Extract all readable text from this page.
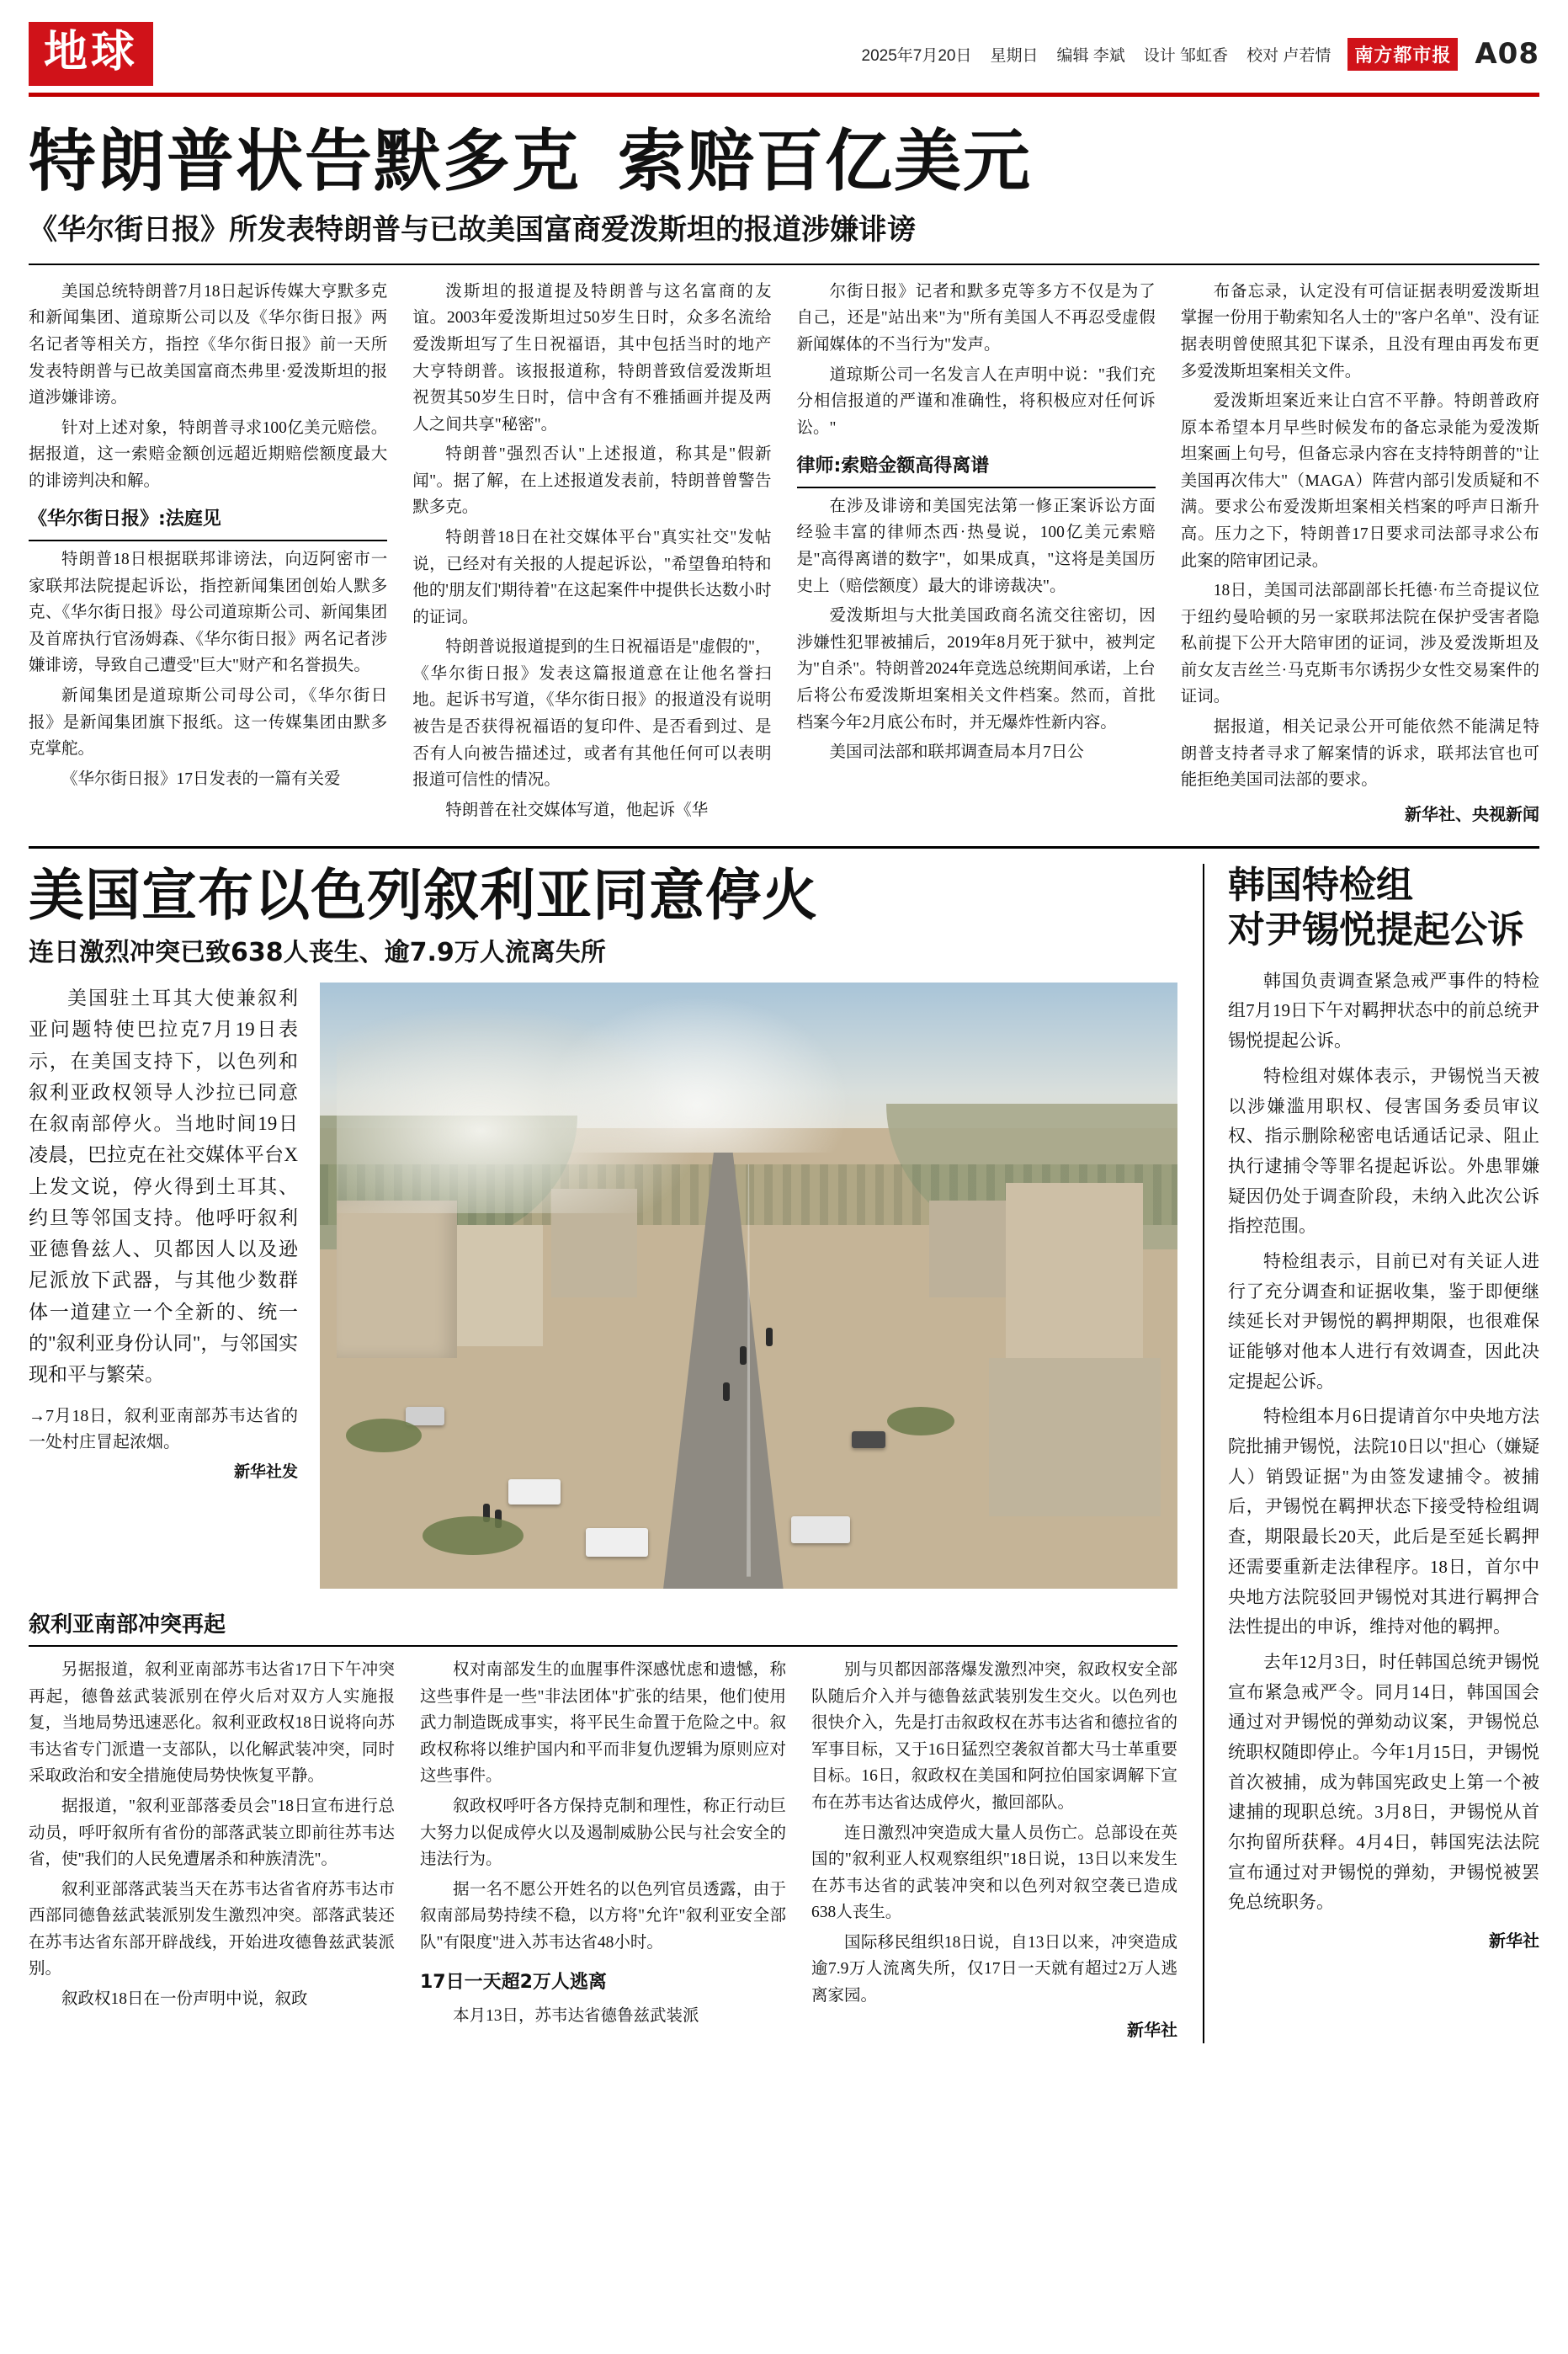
地球	2025年7月20日 星期日 编辑 李斌 设计 邹虹香 校对 卢若情	南方都市报 A08
特朗普状告默多克 索赔百亿美元
《华尔街日报》所发表特朗普与已故美国富商爱泼斯坦的报道涉嫌诽谤

美国总统特朗普7月18日起诉传媒大亨默多克和新闻集团、道琼斯公司以及《华尔街日报》两名记者等相关方，指控《华尔街日报》前一天所发表特朗普与已故美国富商杰弗里·爱泼斯坦的报道涉嫌诽谤。

针对上述对象，特朗普寻求100亿美元赔偿。据报道，这一索赔金额创远超近期赔偿额度最大的诽谤判决和解。

《华尔街日报》:法庭见

特朗普18日根据联邦诽谤法，向迈阿密市一家联邦法院提起诉讼，指控新闻集团创始人默多克、《华尔街日报》母公司道琼斯公司、新闻集团及首席执行官汤姆森、《华尔街日报》两名记者涉嫌诽谤，导致自己遭受"巨大"财产和名誉损失。

新闻集团是道琼斯公司母公司，《华尔街日报》是新闻集团旗下报纸。这一传媒集团由默多克掌舵。

《华尔街日报》17日发表的一篇有关爱

泼斯坦的报道提及特朗普与这名富商的友谊。2003年爱泼斯坦过50岁生日时，众多名流给爱泼斯坦写了生日祝福语，其中包括当时的地产大亨特朗普。该报报道称，特朗普致信爱泼斯坦祝贺其50岁生日时，信中含有不雅插画并提及两人之间共享"秘密"。

特朗普"强烈否认"上述报道，称其是"假新闻"。据了解，在上述报道发表前，特朗普曾警告默多克。

特朗普18日在社交媒体平台"真实社交"发帖说，已经对有关报的人提起诉讼，"希望鲁珀特和他的'朋友们'期待着"在这起案件中提供长达数小时的证词。

特朗普说报道提到的生日祝福语是"虚假的"，《华尔街日报》发表这篇报道意在让他名誉扫地。起诉书写道，《华尔街日报》的报道没有说明被告是否获得祝福语的复印件、是否看到过、是否有人向被告描述过，或者有其他任何可以表明报道可信性的情况。

特朗普在社交媒体写道，他起诉《华

尔街日报》记者和默多克等多方不仅是为了自己，还是"站出来"为"所有美国人不再忍受虚假新闻媒体的不当行为"发声。

道琼斯公司一名发言人在声明中说："我们充分相信报道的严谨和准确性，将积极应对任何诉讼。"

律师:索赔金额高得离谱

在涉及诽谤和美国宪法第一修正案诉讼方面经验丰富的律师杰西·热曼说，100亿美元索赔是"高得离谱的数字"，如果成真，"这将是美国历史上（赔偿额度）最大的诽谤裁决"。

爱泼斯坦与大批美国政商名流交往密切，因涉嫌性犯罪被捕后，2019年8月死于狱中，被判定为"自杀"。特朗普2024年竞选总统期间承诺，上台后将公布爱泼斯坦案相关文件档案。然而，首批档案今年2月底公布时，并无爆炸性新内容。

美国司法部和联邦调查局本月7日公

布备忘录，认定没有可信证据表明爱泼斯坦掌握一份用于勒索知名人士的"客户名单"、没有证据表明曾使照其犯下谋杀，且没有理由再发布更多爱泼斯坦案相关文件。

爱泼斯坦案近来让白宫不平静。特朗普政府原本希望本月早些时候发布的备忘录能为爱泼斯坦案画上句号，但备忘录内容在支持特朗普的"让美国再次伟大"（MAGA）阵营内部引发质疑和不满。要求公布爱泼斯坦案相关档案的呼声日渐升高。压力之下，特朗普17日要求司法部寻求公布此案的陪审团记录。

18日，美国司法部副部长托德·布兰奇提议位于纽约曼哈顿的另一家联邦法院在保护受害者隐私前提下公开大陪审团的证词，涉及爱泼斯坦及前女友吉丝兰·马克斯韦尔诱拐少女性交易案件的证词。

据报道，相关记录公开可能依然不能满足特朗普支持者寻求了解案情的诉求，联邦法官也可能拒绝美国司法部的要求。

新华社、央视新闻
美国宣布以色列叙利亚同意停火
连日激烈冲突已致638人丧生、逾7.9万人流离失所

美国驻土耳其大使兼叙利亚问题特使巴拉克7月19日表示，在美国支持下，以色列和叙利亚政权领导人沙拉已同意在叙南部停火。当地时间19日凌晨，巴拉克在社交媒体平台X上发文说，停火得到土耳其、约旦等邻国支持。他呼吁叙利亚德鲁兹人、贝都因人以及逊尼派放下武器，与其他少数群体一道建立一个全新的、统一的"叙利亚身份认同"，与邻国实现和平与繁荣。

→7月18日，叙利亚南部苏韦达省的一处村庄冒起浓烟。
新华社发
叙利亚南部冲突再起

另据报道，叙利亚南部苏韦达省17日下午冲突再起，德鲁兹武装派别在停火后对双方人实施报复，当地局势迅速恶化。叙利亚政权18日说将向苏韦达省专门派遣一支部队，以化解武装冲突，同时采取政治和安全措施使局势快恢复平静。

据报道，"叙利亚部落委员会"18日宣布进行总动员，呼吁叙所有省份的部落武装立即前往苏韦达省，使"我们的人民免遭屠杀和种族清洗"。

叙利亚部落武装当天在苏韦达省省府苏韦达市西部同德鲁兹武装派别发生激烈冲突。部落武装还在苏韦达省东部开辟战线，开始进攻德鲁兹武装派别。

叙政权18日在一份声明中说，叙政

权对南部发生的血腥事件深感忧虑和遗憾，称这些事件是一些"非法团体"扩张的结果，他们使用武力制造既成事实，将平民生命置于危险之中。叙政权称将以维护国内和平而非复仇逻辑为原则应对这些事件。

叙政权呼吁各方保持克制和理性，称正行动巨大努力以促成停火以及遏制威胁公民与社会安全的违法行为。

据一名不愿公开姓名的以色列官员透露，由于叙南部局势持续不稳，以方将"允许"叙利亚安全部队"有限度"进入苏韦达省48小时。

17日一天超2万人逃离

本月13日，苏韦达省德鲁兹武装派

别与贝都因部落爆发激烈冲突，叙政权安全部队随后介入并与德鲁兹武装别发生交火。以色列也很快介入，先是打击叙政权在苏韦达省和德拉省的军事目标，又于16日猛烈空袭叙首都大马士革重要目标。16日，叙政权在美国和阿拉伯国家调解下宣布在苏韦达省达成停火，撤回部队。

连日激烈冲突造成大量人员伤亡。总部设在英国的"叙利亚人权观察组织"18日说，13日以来发生在苏韦达省的武装冲突和以色列对叙空袭已造成638人丧生。

国际移民组织18日说，自13日以来，冲突造成逾7.9万人流离失所，仅17日一天就有超过2万人逃离家园。

新华社
韩国特检组
对尹锡悦提起公诉

韩国负责调查紧急戒严事件的特检组7月19日下午对羁押状态中的前总统尹锡悦提起公诉。

特检组对媒体表示，尹锡悦当天被以涉嫌滥用职权、侵害国务委员审议权、指示删除秘密电话通话记录、阻止执行逮捕令等罪名提起诉讼。外患罪嫌疑因仍处于调查阶段，未纳入此次公诉指控范围。

特检组表示，目前已对有关证人进行了充分调查和证据收集，鉴于即便继续延长对尹锡悦的羁押期限，也很难保证能够对他本人进行有效调查，因此决定提起公诉。

特检组本月6日提请首尔中央地方法院批捕尹锡悦，法院10日以"担心（嫌疑人）销毁证据"为由签发逮捕令。被捕后，尹锡悦在羁押状态下接受特检组调查，期限最长20天，此后是至延长羁押还需要重新走法律程序。18日，首尔中央地方法院驳回尹锡悦对其进行羁押合法性提出的申诉，维持对他的羁押。

去年12月3日，时任韩国总统尹锡悦宣布紧急戒严令。同月14日，韩国国会通过对尹锡悦的弹劾动议案，尹锡悦总统职权随即停止。今年1月15日，尹锡悦首次被捕，成为韩国宪政史上第一个被逮捕的现职总统。3月8日，尹锡悦从首尔拘留所获释。4月4日，韩国宪法法院宣布通过对尹锡悦的弹劾，尹锡悦被罢免总统职务。

新华社
